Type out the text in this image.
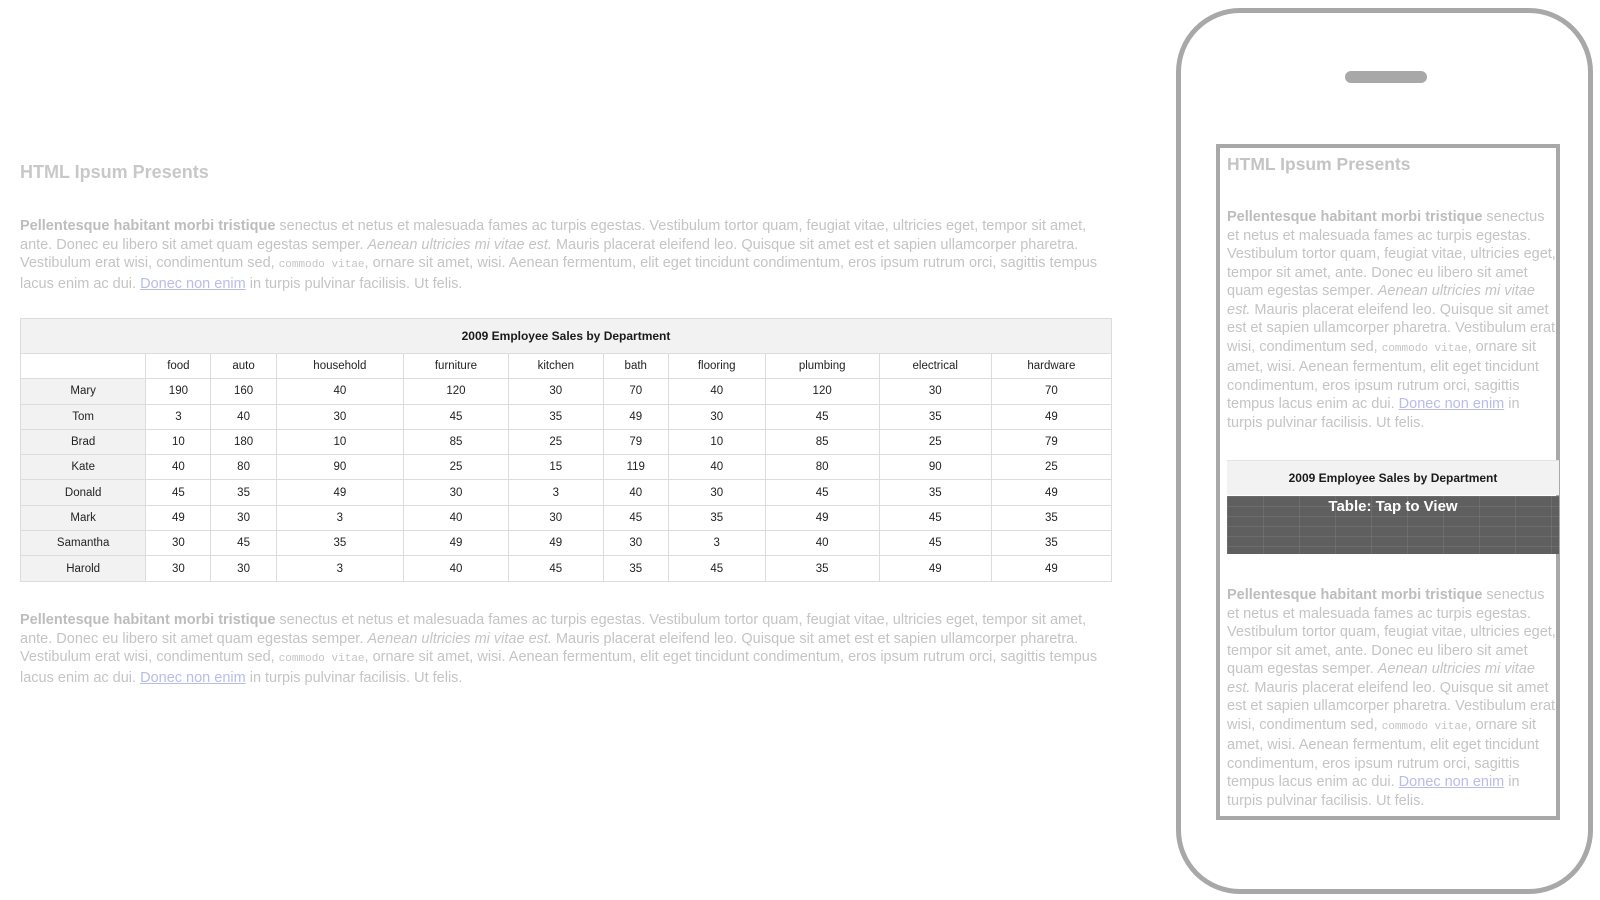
HTML Ipsum Presents

Pellentesque habitant morbi tristique senectus et netus et malesuada fames ac turpis egestas. Vestibulum tortor quam, feugiat vitae, ultricies eget, tempor sit amet, ante. Donec eu libero sit amet quam egestas semper. Aenean ultricies mi vitae est. Mauris placerat eleifend leo. Quisque sit amet est et sapien ullamcorper pharetra. Vestibulum erat wisi, condimentum sed, commodo vitae, ornare sit amet, wisi. Aenean fermentum, elit eget tincidunt condimentum, eros ipsum rutrum orci, sagittis tempus lacus enim ac dui. Donec non enim in turpis pulvinar facilisis. Ut felis.

2009 Employee Sales by Department
	food	auto	household	furniture	kitchen	bath	flooring	plumbing	electrical	hardware
Mary	190	160	40	120	30	70	40	120	30	70
Tom	3	40	30	45	35	49	30	45	35	49
Brad	10	180	10	85	25	79	10	85	25	79
Kate	40	80	90	25	15	119	40	80	90	25
Donald	45	35	49	30	3	40	30	45	35	49
Mark	49	30	3	40	30	45	35	49	45	35
Samantha	30	45	35	49	49	30	3	40	45	35
Harold	30	30	3	40	45	35	45	35	49	49

Pellentesque habitant morbi tristique senectus et netus et malesuada fames ac turpis egestas. Vestibulum tortor quam, feugiat vitae, ultricies eget, tempor sit amet, ante. Donec eu libero sit amet quam egestas semper. Aenean ultricies mi vitae est. Mauris placerat eleifend leo. Quisque sit amet est et sapien ullamcorper pharetra. Vestibulum erat wisi, condimentum sed, commodo vitae, ornare sit amet, wisi. Aenean fermentum, elit eget tincidunt condimentum, eros ipsum rutrum orci, sagittis tempus lacus enim ac dui. Donec non enim in turpis pulvinar facilisis. Ut felis.

HTML Ipsum Presents

Pellentesque habitant morbi tristique senectus et netus et malesuada fames ac turpis egestas. Vestibulum tortor quam, feugiat vitae, ultricies eget, tempor sit amet, ante. Donec eu libero sit amet quam egestas semper. Aenean ultricies mi vitae est. Mauris placerat eleifend leo. Quisque sit amet est et sapien ullamcorper pharetra. Vestibulum erat wisi, condimentum sed, commodo vitae, ornare sit amet, wisi. Aenean fermentum, elit eget tincidunt condimentum, eros ipsum rutrum orci, sagittis tempus lacus enim ac dui. Donec non enim in turpis pulvinar facilisis. Ut felis.

2009 Employee Sales by Department
Table: Tap to View

Pellentesque habitant morbi tristique senectus et netus et malesuada fames ac turpis egestas. Vestibulum tortor quam, feugiat vitae, ultricies eget, tempor sit amet, ante. Donec eu libero sit amet quam egestas semper. Aenean ultricies mi vitae est. Mauris placerat eleifend leo. Quisque sit amet est et sapien ullamcorper pharetra. Vestibulum erat wisi, condimentum sed, commodo vitae, ornare sit amet, wisi. Aenean fermentum, elit eget tincidunt condimentum, eros ipsum rutrum orci, sagittis tempus lacus enim ac dui. Donec non enim in turpis pulvinar facilisis. Ut felis.
